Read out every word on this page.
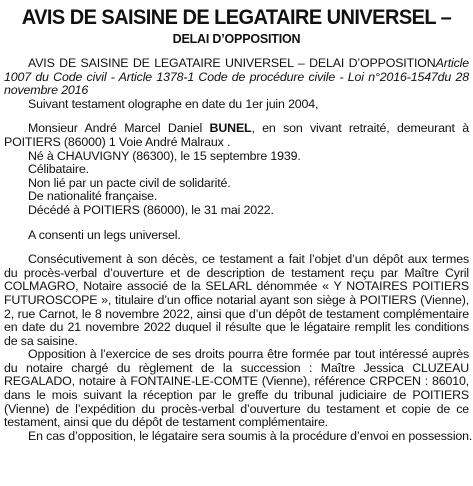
AVIS DE SAISINE DE LEGATAIRE UNIVERSEL –
DELAI D’OPPOSITION

AVIS DE SAISINE DE LEGATAIRE UNIVERSEL – DELAI D’OPPOSITIONArticle 1007 du Code civil - Article 1378-1 Code de procédure civile - Loi n°2016-1547du 28 novembre 2016

Suivant testament olographe en date du 1er juin 2004,

Monsieur André Marcel Daniel BUNEL, en son vivant retraité, demeurant à POITIERS (86000) 1 Voie André Malraux .

Né à CHAUVIGNY (86300), le 15 septembre 1939.

Célibataire.

Non lié par un pacte civil de solidarité.

De nationalité française.

Décédé à POITIERS (86000), le 31 mai 2022.

A consenti un legs universel.

Consécutivement à son décès, ce testament a fait l’objet d’un dépôt aux termes du procès-verbal d’ouverture et de description de testament reçu par Maître Cyril COLMAGRO, Notaire associé de la SELARL dénommée « Y NOTAIRES POITIERS FUTUROSCOPE », titulaire d’un office notarial ayant son siège à POITIERS (Vienne), 2, rue Carnot, le 8 novembre 2022, ainsi que d’un dépôt de testament complémentaire en date du 21 novembre 2022 duquel il résulte que le légataire remplit les conditions de sa saisine.

Opposition à l’exercice de ses droits pourra être formée par tout intéressé auprès du notaire chargé du règlement de la succession : Maître Jessica CLUZEAU REGALADO, notaire à FONTAINE-LE-COMTE (Vienne), référence CRPCEN : 86010, dans le mois suivant la réception par le greffe du tribunal judiciaire de POITIERS (Vienne) de l’expédition du procès-verbal d’ouverture du testament et copie de ce testament, ainsi que du dépôt de testament complémentaire.

En cas d’opposition, le légataire sera soumis à la procédure d’envoi en possession.
